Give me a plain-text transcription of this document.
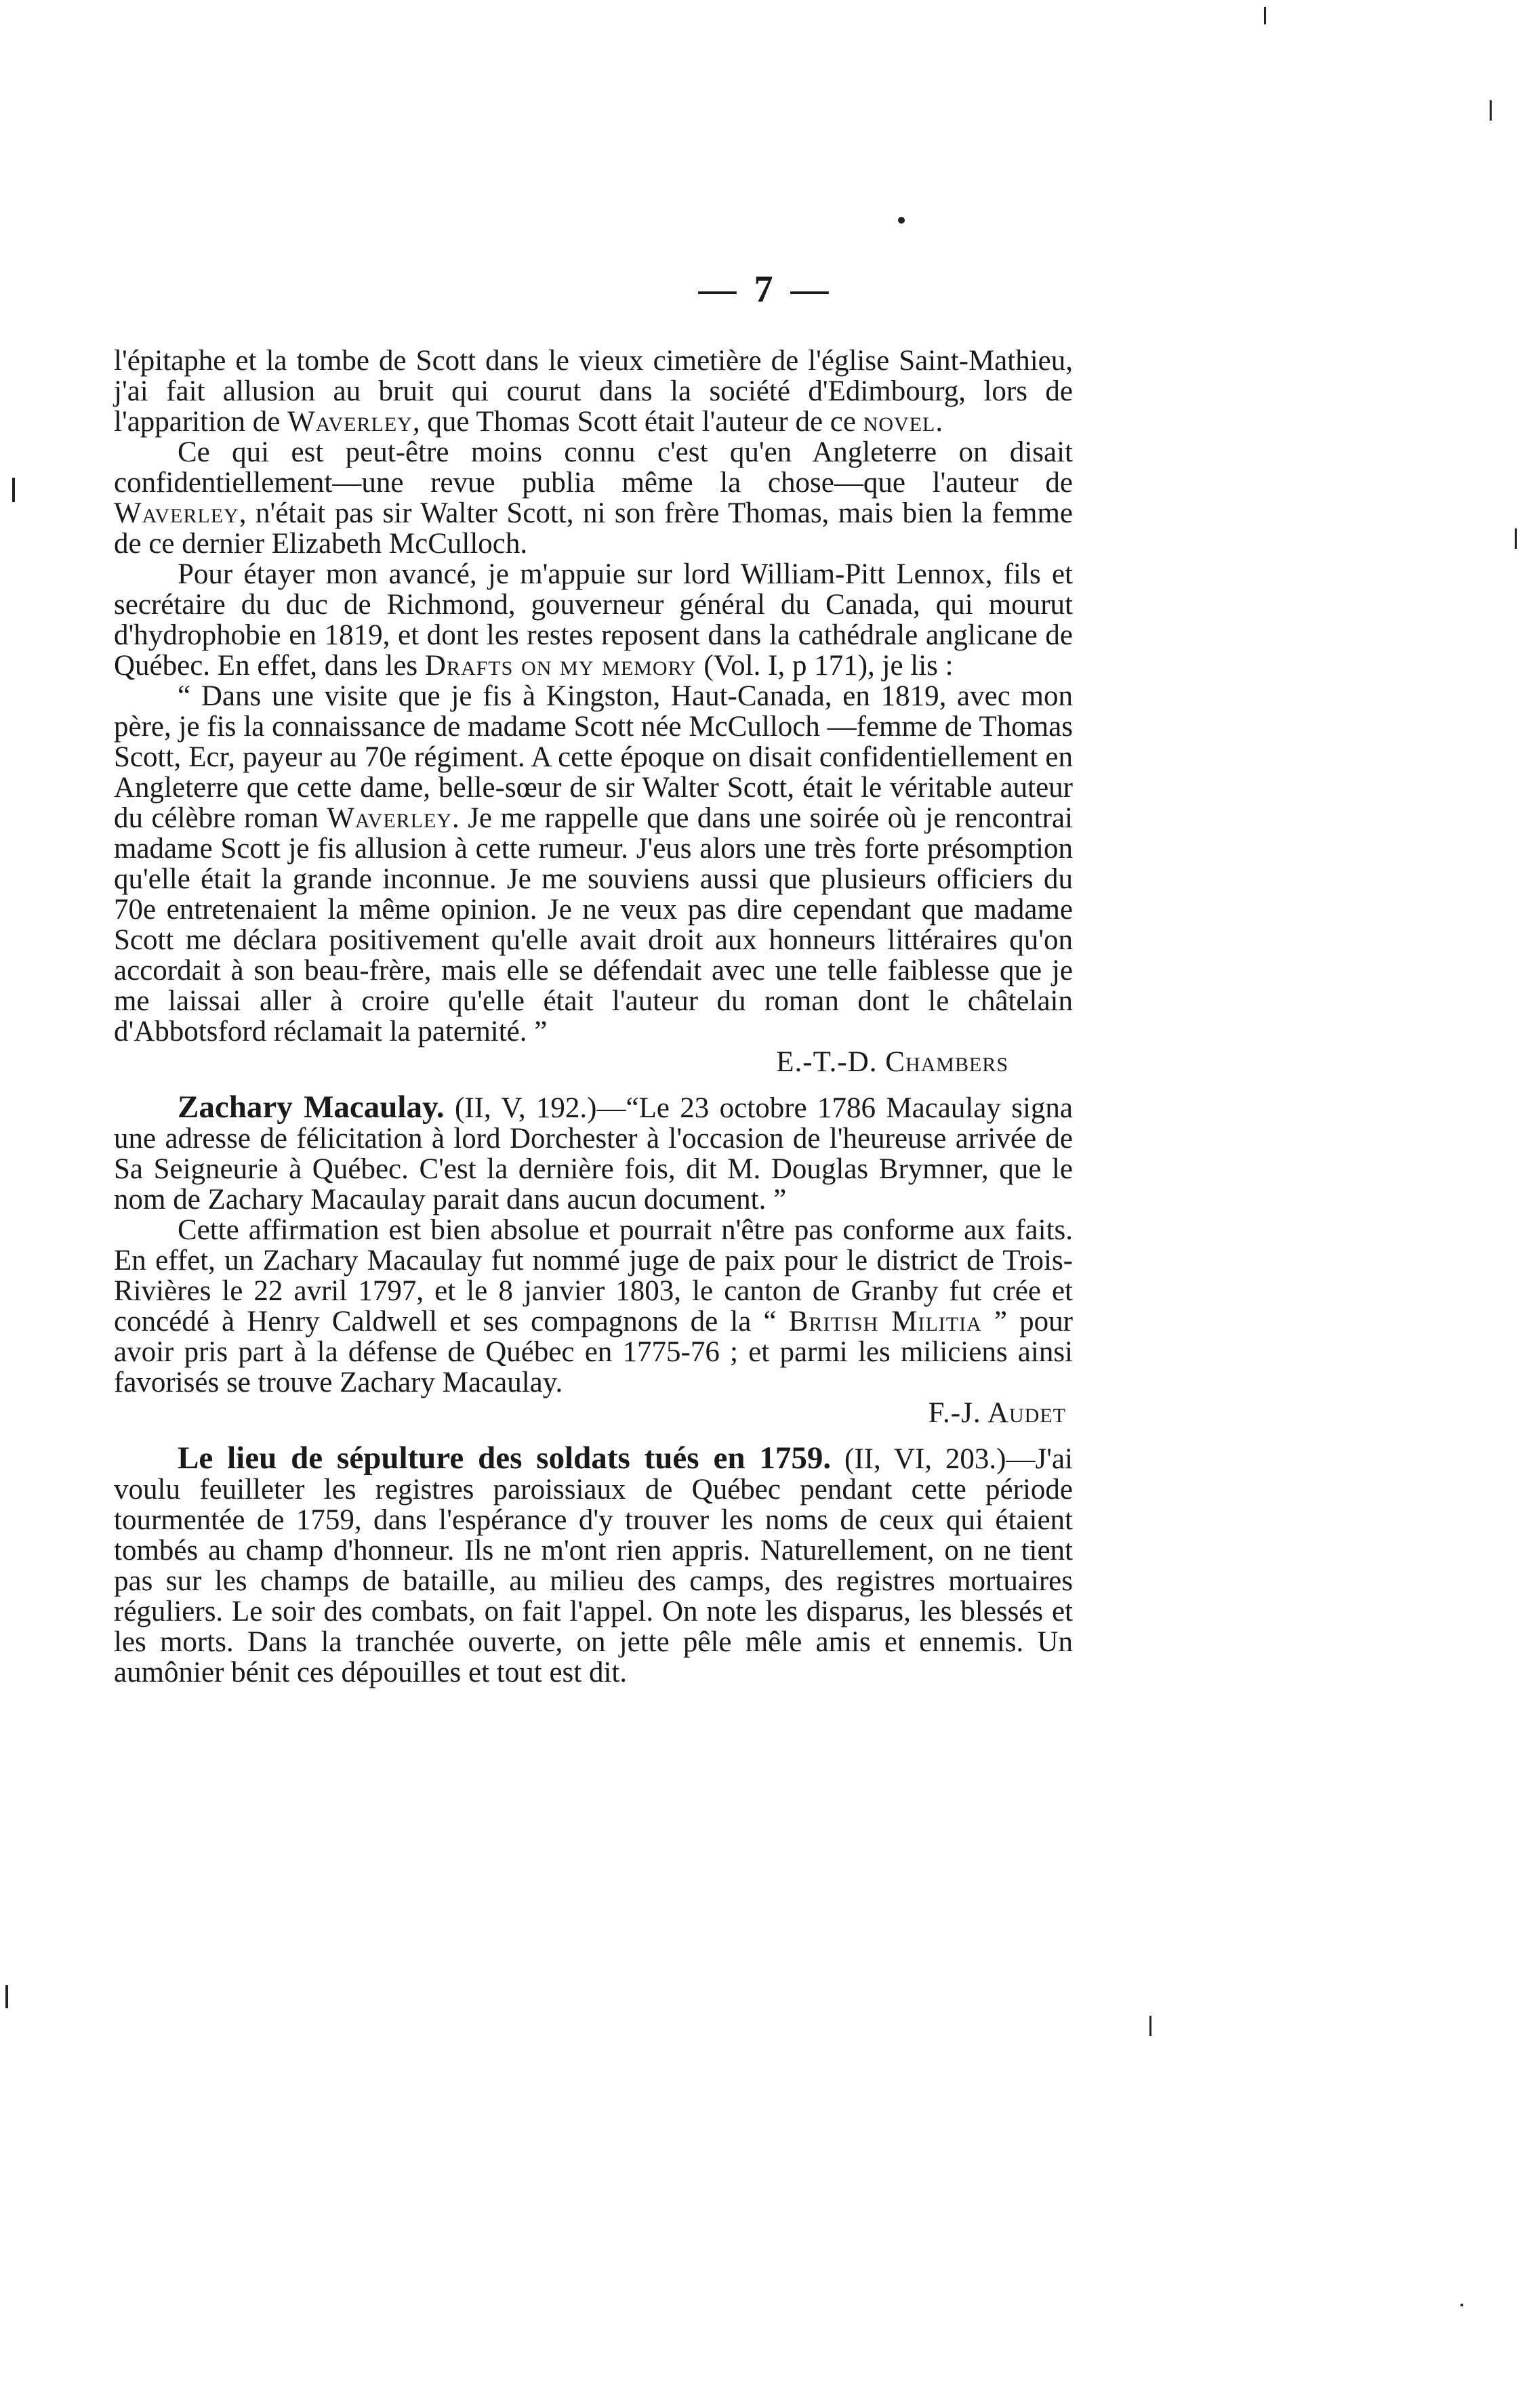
— 7 —

l'épitaphe et la tombe de Scott dans le vieux cimetière de l'église Saint-Mathieu, j'ai fait allusion au bruit qui courut dans la société d'Edimbourg, lors de l'apparition de Waverley, que Thomas Scott était l'auteur de ce novel.

Ce qui est peut-être moins connu c'est qu'en Angleterre on disait confidentiellement—une revue publia même la chose—que l'auteur de Waverley, n'était pas sir Walter Scott, ni son frère Thomas, mais bien la femme de ce dernier Elizabeth McCulloch.

Pour étayer mon avancé, je m'appuie sur lord William-Pitt Lennox, fils et secrétaire du duc de Richmond, gouverneur général du Canada, qui mourut d'hydrophobie en 1819, et dont les restes reposent dans la cathédrale anglicane de Québec. En effet, dans les Drafts on my memory (Vol. I, p 171), je lis :

“ Dans une visite que je fis à Kingston, Haut-Canada, en 1819, avec mon père, je fis la connaissance de madame Scott née McCulloch —femme de Thomas Scott, Ecr, payeur au 70e régiment. A cette époque on disait confidentiellement en Angleterre que cette dame, belle-sœur de sir Walter Scott, était le véritable auteur du célèbre roman Waverley. Je me rappelle que dans une soirée où je rencontrai madame Scott je fis allusion à cette rumeur. J'eus alors une très forte présomption qu'elle était la grande inconnue. Je me souviens aussi que plusieurs officiers du 70e entretenaient la même opinion. Je ne veux pas dire cependant que madame Scott me déclara positivement qu'elle avait droit aux honneurs littéraires qu'on accordait à son beau-frère, mais elle se défendait avec une telle faiblesse que je me laissai aller à croire qu'elle était l'auteur du roman dont le châtelain d'Abbotsford réclamait la paternité. ”

E.-T.-D. Chambers

Zachary Macaulay. (II, V, 192.)—“Le 23 octobre 1786 Macaulay signa une adresse de félicitation à lord Dorchester à l'occasion de l'heureuse arrivée de Sa Seigneurie à Québec. C'est la dernière fois, dit M. Douglas Brymner, que le nom de Zachary Macaulay parait dans aucun document. ”

Cette affirmation est bien absolue et pourrait n'être pas conforme aux faits. En effet, un Zachary Macaulay fut nommé juge de paix pour le district de Trois-Rivières le 22 avril 1797, et le 8 janvier 1803, le canton de Granby fut crée et concédé à Henry Caldwell et ses compagnons de la “ British Militia ” pour avoir pris part à la défense de Québec en 1775-76 ; et parmi les miliciens ainsi favorisés se trouve Zachary Macaulay.

F.-J. Audet

Le lieu de sépulture des soldats tués en 1759. (II, VI, 203.)—J'ai voulu feuilleter les registres paroissiaux de Québec pendant cette période tourmentée de 1759, dans l'espérance d'y trouver les noms de ceux qui étaient tombés au champ d'honneur. Ils ne m'ont rien appris. Naturellement, on ne tient pas sur les champs de bataille, au milieu des camps, des registres mortuaires réguliers. Le soir des combats, on fait l'appel. On note les disparus, les blessés et les morts. Dans la tranchée ouverte, on jette pêle mêle amis et ennemis. Un aumônier bénit ces dépouilles et tout est dit.
